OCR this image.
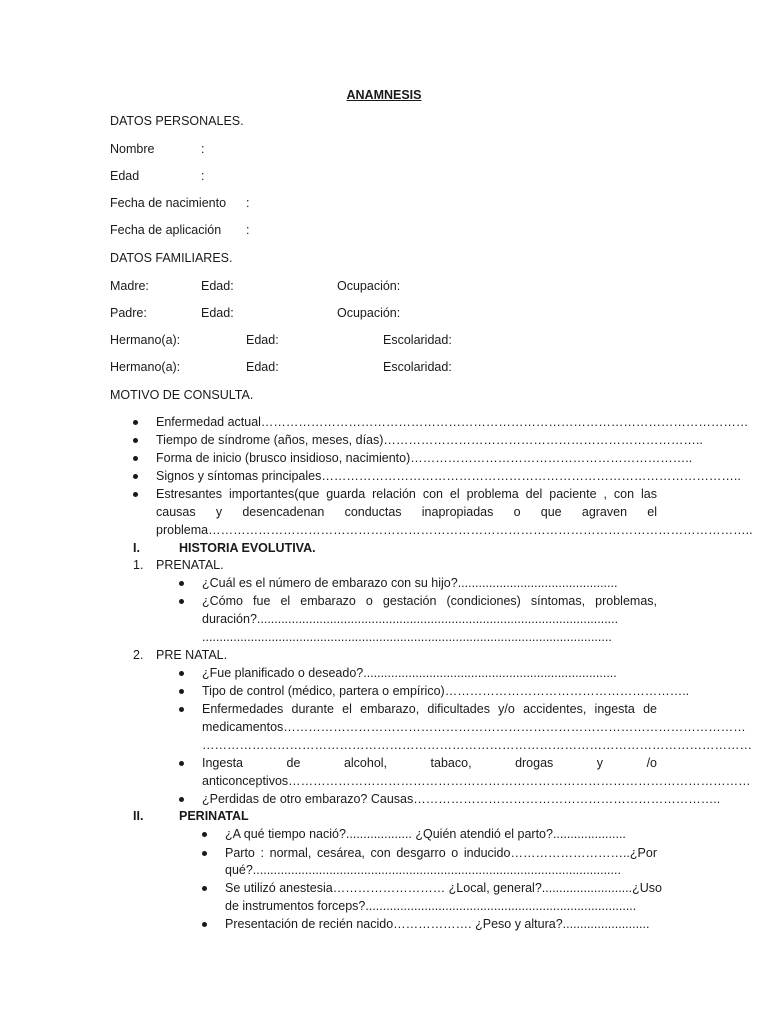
ANAMNESIS
DATOS PERSONALES.
Nombre	:
Edad	:
Fecha de nacimiento :
Fecha de aplicación :
DATOS FAMILIARES.
Madre:	Edad:	Ocupación:
Padre:	Edad:	Ocupación:
Hermano(a):	Edad:	Escolaridad:
Hermano(a):	Edad:	Escolaridad:
MOTIVO DE CONSULTA.
Enfermedad actual………………………………………………………………………………………………………
Tiempo de síndrome (años, meses, días)…………………………………………………………………..
Forma de inicio (brusco insidioso, nacimiento)…………………………………………………………..
Signos y síntomas principales………………………………………………………………………………………..
Estresantes importantes(que guarda relación con el problema del paciente , con las
causas y desencadenan conductas inapropiadas o que agraven el
problema…………………………………………………………………………………………………………………..
I.	HISTORIA EVOLUTIVA.
1. PRENATAL.
¿Cuál es el número de embarazo con su hijo?..............................................
¿Cómo fue el embarazo o gestación (condiciones) síntomas, problemas,
duración?........................................................................................................
......................................................................................................................
2. PRE NATAL.
¿Fue planificado o deseado?.........................................................................
Tipo de control (médico, partera o empírico)…………………………………………………..
Enfermedades durante el embarazo, dificultades y/o accidentes, ingesta de
medicamentos…………………………………………………………………………………………………
……………………………………………………………………………………………………………………
Ingesta de alcohol, tabaco, drogas y /o
anticonceptivos…………………………………………………………………………………………………
¿Perdidas de otro embarazo? Causas………………………………………………………………..
II.	PERINATAL
¿A qué tiempo nació?................... ¿Quién atendió el parto?.....................
Parto : normal, cesárea, con desgarro o inducido………………………..¿Por
qué?..........................................................................................................
Se utilizó anestesia……………………… ¿Local, general?..........................¿Uso
de instrumentos forceps?..............................................................................
Presentación de recién nacido………………. ¿Peso y altura?.........................
